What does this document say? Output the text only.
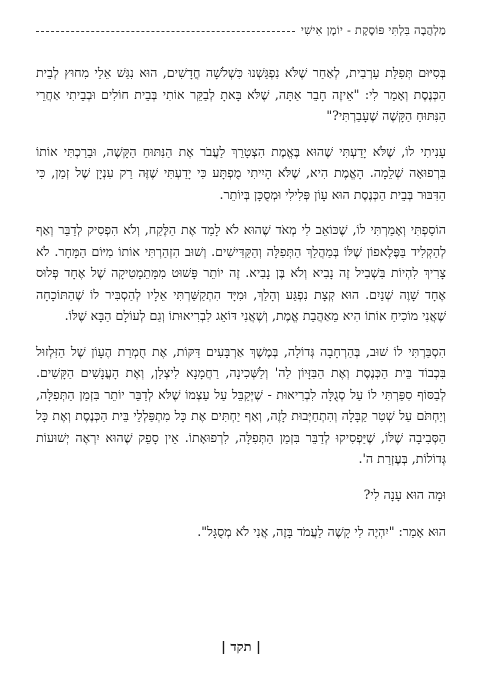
מַלְהֲבָה בִּלְתִּי פּוֹסֶקֶת - יוֹמָן אִישִׁי

בְּסִיּוּם תְּפִלַּת עַרְבִית, לְאַחַר שֶׁלֹּא נִפְגַּשְׁנוּ כִּשְׁלֹשָׁה חֳדָשִׁים, הוּא נִגַּשׁ אֵלַי מִחוּץ לְבֵית הַכְּנֶסֶת וְאָמַר לִי: "אֵיזֶה חָבֵר אַתָּה, שֶׁלֹּא בָּאתָ לְבַקֵּר אוֹתִי בְּבֵית חוֹלִים וּבְבֵיתִי אַחֲרֵי הַנִּתּוּחַ הַקָּשֶׁה שֶׁעָבַרְתִּי?"

עָנִיתִי לוֹ, שֶׁלֹּא יָדַעְתִּי שֶׁהוּא בֶּאֱמֶת הִצְטָרֵךְ לַעֲבֹר אֶת הַנִּתּוּחַ הַקָּשֶׁה, וּבֵרַכְתִּי אוֹתוֹ בִּרְפוּאָה שְׁלֵמָה. הָאֱמֶת הִיא, שֶׁלֹּא הָיִיתִי מֻפְתָּע כִּי יָדַעְתִּי שֶׁזֶּה רַק עִנְיָן שֶׁל זְמַן, כִּי הַדִּבּוּר בְּבֵית הַכְּנֶסֶת הוּא עָוֹן פְּלִילִי וּמְסֻכָּן בְּיוֹתֵר.

הוֹסַפְתִּי וְאָמַרְתִּי לוֹ, שֶׁכּוֹאֵב לִי מְאֹד שֶׁהוּא לֹא לָמַד אֶת הַלֶּקַח, וְלֹא הִפְסִיק לְדַבֵּר וְאַף לְהַקְלִיד בַּפֶּלֶאפוֹן שֶׁלּוֹ בְּמַהֲלַךְ הַתְּפִלָּה וְהַקַּדִּישִׁים. וְשׁוּב הִזְהַרְתִּי אוֹתוֹ מִיּוֹם הַמָּחָר. לֹא צָרִיךְ לִהְיוֹת בִּשְׁבִיל זֶה נָבִיא וְלֹא בֶּן נָבִיא. זֶה יוֹתֵר פָּשׁוּט מִמָּתֵמָטִיקָה שֶׁל אֶחָד פְּלוּס אֶחָד שָׁוֶה שְׁנַיִם. הוּא קְצָת נִפְגַּע וְהָלַךְ, וּמִיָּד הִתְקַשַּׁרְתִּי אֵלָיו לְהַסְבִּיר לוֹ שֶׁהַתּוֹכָחָה שֶׁאֲנִי מוֹכִיחַ אוֹתוֹ הִיא מֵאַהֲבַת אֱמֶת, וְשֶׁאֲנִי דּוֹאֵג לִבְרִיאוּתוֹ וְגַם לְעוֹלָם הַבָּא שֶׁלּוֹ.

הִסְבַּרְתִּי לוֹ שׁוּב, בְּהַרְחָבָה גְּדוֹלָה, בְּמֶשֶׁךְ אַרְבָּעִים דַּקּוֹת, אֶת חֻמְרַת הֶעָוֹן שֶׁל הַזִּלְזוּל בִּכְבוֹד בֵּית הַכְּנֶסֶת וְאֶת הַבִּזָּיוֹן לַה' וְלַשְּׁכִינָה, רַחֲמָנָא לִיצְלַן, וְאֶת הָעֳנָשִׁים הַקָּשִׁים. לְבַסּוֹף סִפַּרְתִּי לוֹ עַל סְגֻלָּה לִבְרִיאוּת - שֶׁיְּקַבֵּל עַל עַצְמוֹ שֶׁלֹּא לְדַבֵּר יוֹתֵר בִּזְמַן הַתְּפִלָּה, וְיַחְתֹּם עַל שְׁטַר קַבָּלָה וְהִתְחַיְּבוּת לָזֶה, וְאַף יַחְתִּים אֶת כָּל מִתְפַּלְלֵי בֵּית הַכְּנֶסֶת וְאֶת כָּל הַסְּבִיבָה שֶׁלּוֹ, שֶׁיַּפְסִיקוּ לְדַבֵּר בִּזְמַן הַתְּפִלָּה, לִרְפוּאָתוֹ. אֵין סָפֵק שֶׁהוּא יִרְאֶה יְשׁוּעוֹת גְּדוֹלוֹת, בְּעֶזְרַת ה'.

וּמָה הוּא עָנָה לִי?

הוּא אָמַר: "יִהְיֶה לִי קָשֶׁה לַעֲמֹד בָּזֶה, אֲנִי לֹא מְסֻגָּל".

| תקד |
